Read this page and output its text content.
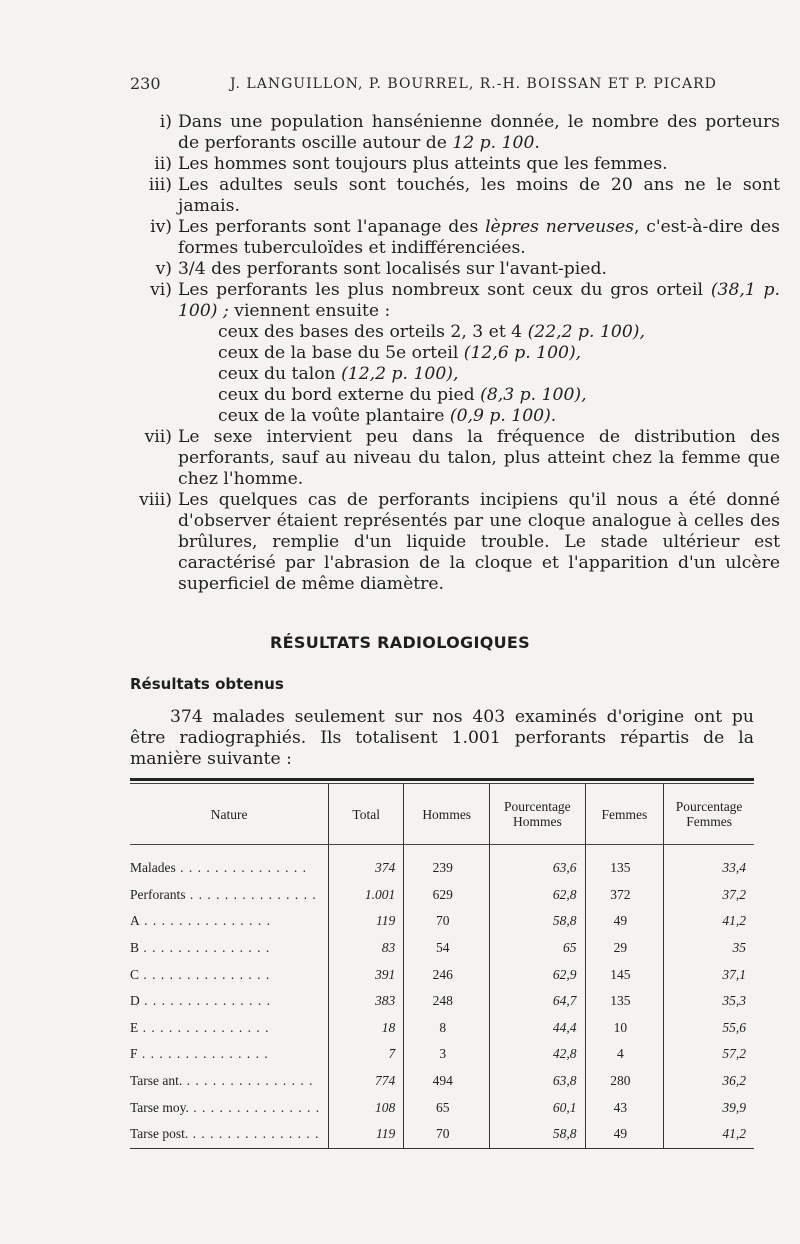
230	J. LANGUILLON, P. BOURREL, R.-H. BOISSAN ET P. PICARD
i) Dans une population hansénienne donnée, le nombre des porteurs de perforants oscille autour de 12 p. 100.
ii) Les hommes sont toujours plus atteints que les femmes.
iii) Les adultes seuls sont touchés, les moins de 20 ans ne le sont jamais.
iv) Les perforants sont l'apanage des lèpres nerveuses, c'est-à-dire des formes tuberculoïdes et indifférenciées.
v) 3/4 des perforants sont localisés sur l'avant-pied.
vi) Les perforants les plus nombreux sont ceux du gros orteil (38,1 p. 100) ; viennent ensuite :
ceux des bases des orteils 2, 3 et 4 (22,2 p. 100),
ceux de la base du 5e orteil (12,6 p. 100),
ceux du talon (12,2 p. 100),
ceux du bord externe du pied (8,3 p. 100),
ceux de la voûte plantaire (0,9 p. 100).
vii) Le sexe intervient peu dans la fréquence de distribution des perforants, sauf au niveau du talon, plus atteint chez la femme que chez l'homme.
viii) Les quelques cas de perforants incipiens qu'il nous a été donné d'observer étaient représentés par une cloque analogue à celles des brûlures, remplie d'un liquide trouble. Le stade ultérieur est caractérisé par l'abrasion de la cloque et l'apparition d'un ulcère superficiel de même diamètre.
RÉSULTATS RADIOLOGIQUES
Résultats obtenus
374 malades seulement sur nos 403 examinés d'origine ont pu être radiographiés. Ils totalisent 1.001 perforants répartis de la manière suivante :
Nature	Total	Hommes	Pourcentage Hommes	Femmes	Pourcentage Femmes
Malades . . .	374	239	63,6	135	33,4
Perforants . . .	1.001	629	62,8	372	37,2
A . . .	119	70	58,8	49	41,2
B . . .	83	54	65	29	35
C . . .	391	246	62,9	145	37,1
D . . .	383	248	64,7	135	35,3
E . . .	18	8	44,4	10	55,6
F . . .	7	3	42,8	4	57,2
Tarse ant. . . .	774	494	63,8	280	36,2
Tarse moy. . . .	108	65	60,1	43	39,9
Tarse post. . . .	119	70	58,8	49	41,2
